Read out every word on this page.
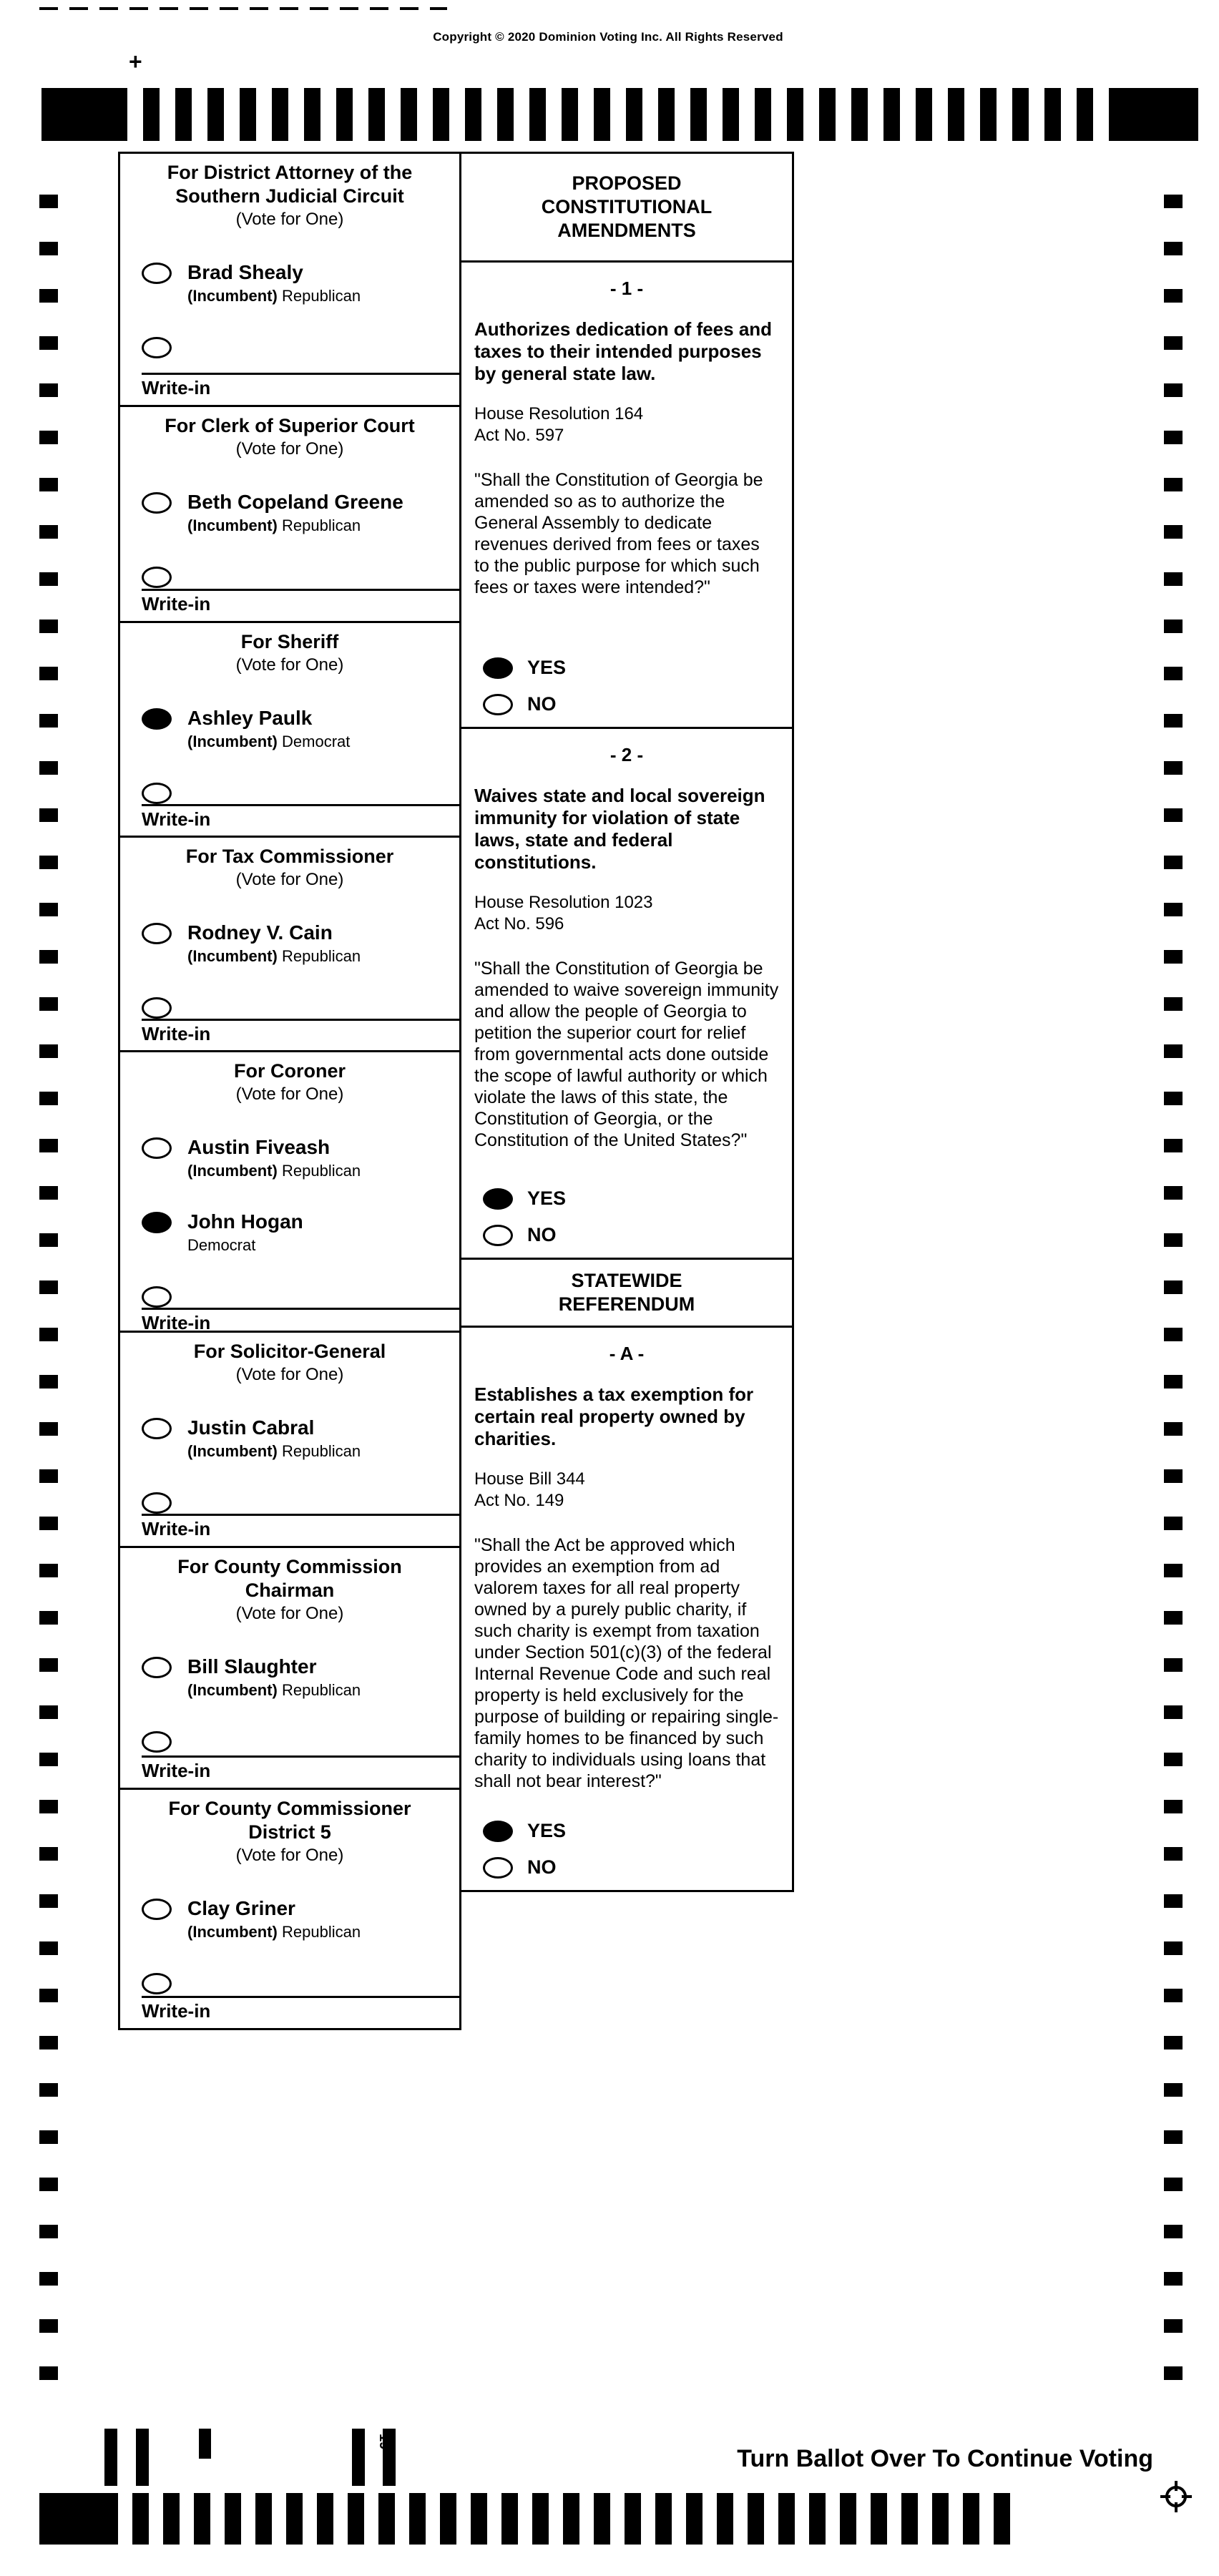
Copyright © 2020 Dominion Voting Inc. All Rights Reserved
+
For District Attorney of the
Southern Judicial Circuit
(Vote for One)
Brad Shealy
(Incumbent) Republican
Write-in
For Clerk of Superior Court
(Vote for One)
Beth Copeland Greene
(Incumbent) Republican
Write-in
For Sheriff
(Vote for One)
Ashley Paulk
(Incumbent) Democrat
Write-in
For Tax Commissioner
(Vote for One)
Rodney V. Cain
(Incumbent) Republican
Write-in
For Coroner
(Vote for One)
Austin Fiveash
(Incumbent) Republican
John Hogan
Democrat
Write-in
For Solicitor-General
(Vote for One)
Justin Cabral
(Incumbent) Republican
Write-in
For County Commission
Chairman
(Vote for One)
Bill Slaughter
(Incumbent) Republican
Write-in
For County Commissioner
District 5
(Vote for One)
Clay Griner
(Incumbent) Republican
Write-in
PROPOSED
CONSTITUTIONAL
AMENDMENTS
- 1 -
Authorizes dedication of fees and taxes to their intended purposes by general state law.
House Resolution 164
Act No. 597
"Shall the Constitution of Georgia be amended so as to authorize the General Assembly to dedicate revenues derived from fees or taxes to the public purpose for which such fees or taxes were intended?"
YES
NO
- 2 -
Waives state and local sovereign immunity for violation of state laws, state and federal constitutions.
House Resolution 1023
Act No. 596
"Shall the Constitution of Georgia be amended to waive sovereign immunity and allow the people of Georgia to petition the superior court for relief from governmental acts done outside the scope of lawful authority or which violate the laws of this state, the Constitution of Georgia, or the Constitution of the United States?"
YES
NO
STATEWIDE
REFERENDUM
- A -
Establishes a tax exemption for certain real property owned by charities.
House Bill 344
Act No. 149
"Shall the Act be approved which provides an exemption from ad valorem taxes for all real property owned by a purely public charity, if such charity is exempt from taxation under Section 501(c)(3) of the federal Internal Revenue Code and such real property is held exclusively for the purpose of building or repairing single-family homes to be financed by such charity to individuals using loans that shall not bear interest?"
YES
NO
19
Turn Ballot Over To Continue Voting
